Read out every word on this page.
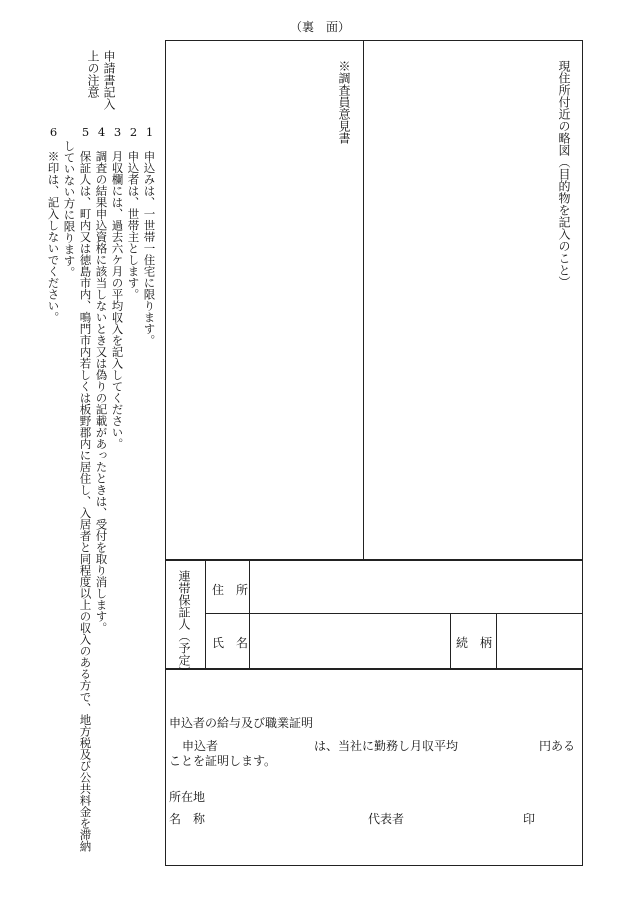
（裏　面）
申請書記入
上の注意
1　申込みは、一世帯一住宅に限ります。
2　申込者は、世帯主とします。
3　月収欄には、過去六ケ月の平均収入を記入してください。
4　調査の結果申込資格に該当しないとき又は偽りの記載があったときは、受付を取り消します。
5　保証人は、町内又は徳島市内、鳴門市内若しくは板野郡内に居住し、入居者と同程度以上の収入のある方で、地方税及び公共料金を滞納
していない方に限ります。
6　※印は、記入しないでください。	現住所付近の略図（目的物を記入のこと）
※調査員意見書
連帯保証人（予定） 住　所
氏　名	続　柄
申込者の給与及び職業証明
申込者	は、当社に勤務し月収平均	円ある
ことを証明します。
所在地
名　称	代表者	印
